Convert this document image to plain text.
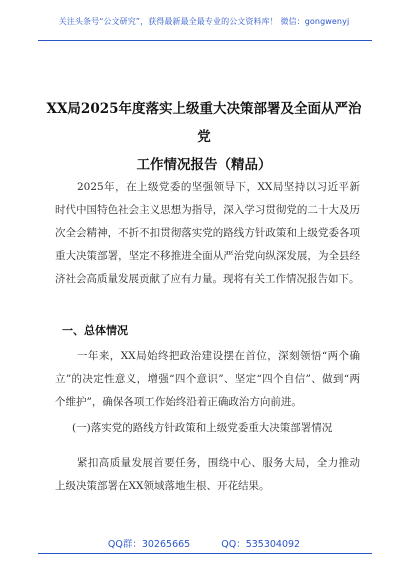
关注头条号“公文研究”，获得最新最全最专业的公文资料库！ 微信：gongwenyj
XX局2025年度落实上级重大决策部署及全面从严治党
工作情况报告（精品）
2025年，在上级党委的坚强领导下，XX局坚持以习近平新时代中国特色社会主义思想为指导，深入学习贯彻党的二十大及历次全会精神，不折不扣贯彻落实党的路线方针政策和上级党委各项重大决策部署，坚定不移推进全面从严治党向纵深发展，为全县经济社会高质量发展贡献了应有力量。现将有关工作情况报告如下。
一、总体情况
一年来，XX局始终把政治建设摆在首位，深刻领悟“两个确立”的决定性意义，增强“四个意识”、坚定“四个自信”、做到“两个维护”，确保各项工作始终沿着正确政治方向前进。
(一)落实党的路线方针政策和上级党委重大决策部署情况
紧扣高质量发展首要任务，围绕中心、服务大局，全力推动上级决策部署在XX领域落地生根、开花结果。
QQ群：30265665	QQ：535304092
